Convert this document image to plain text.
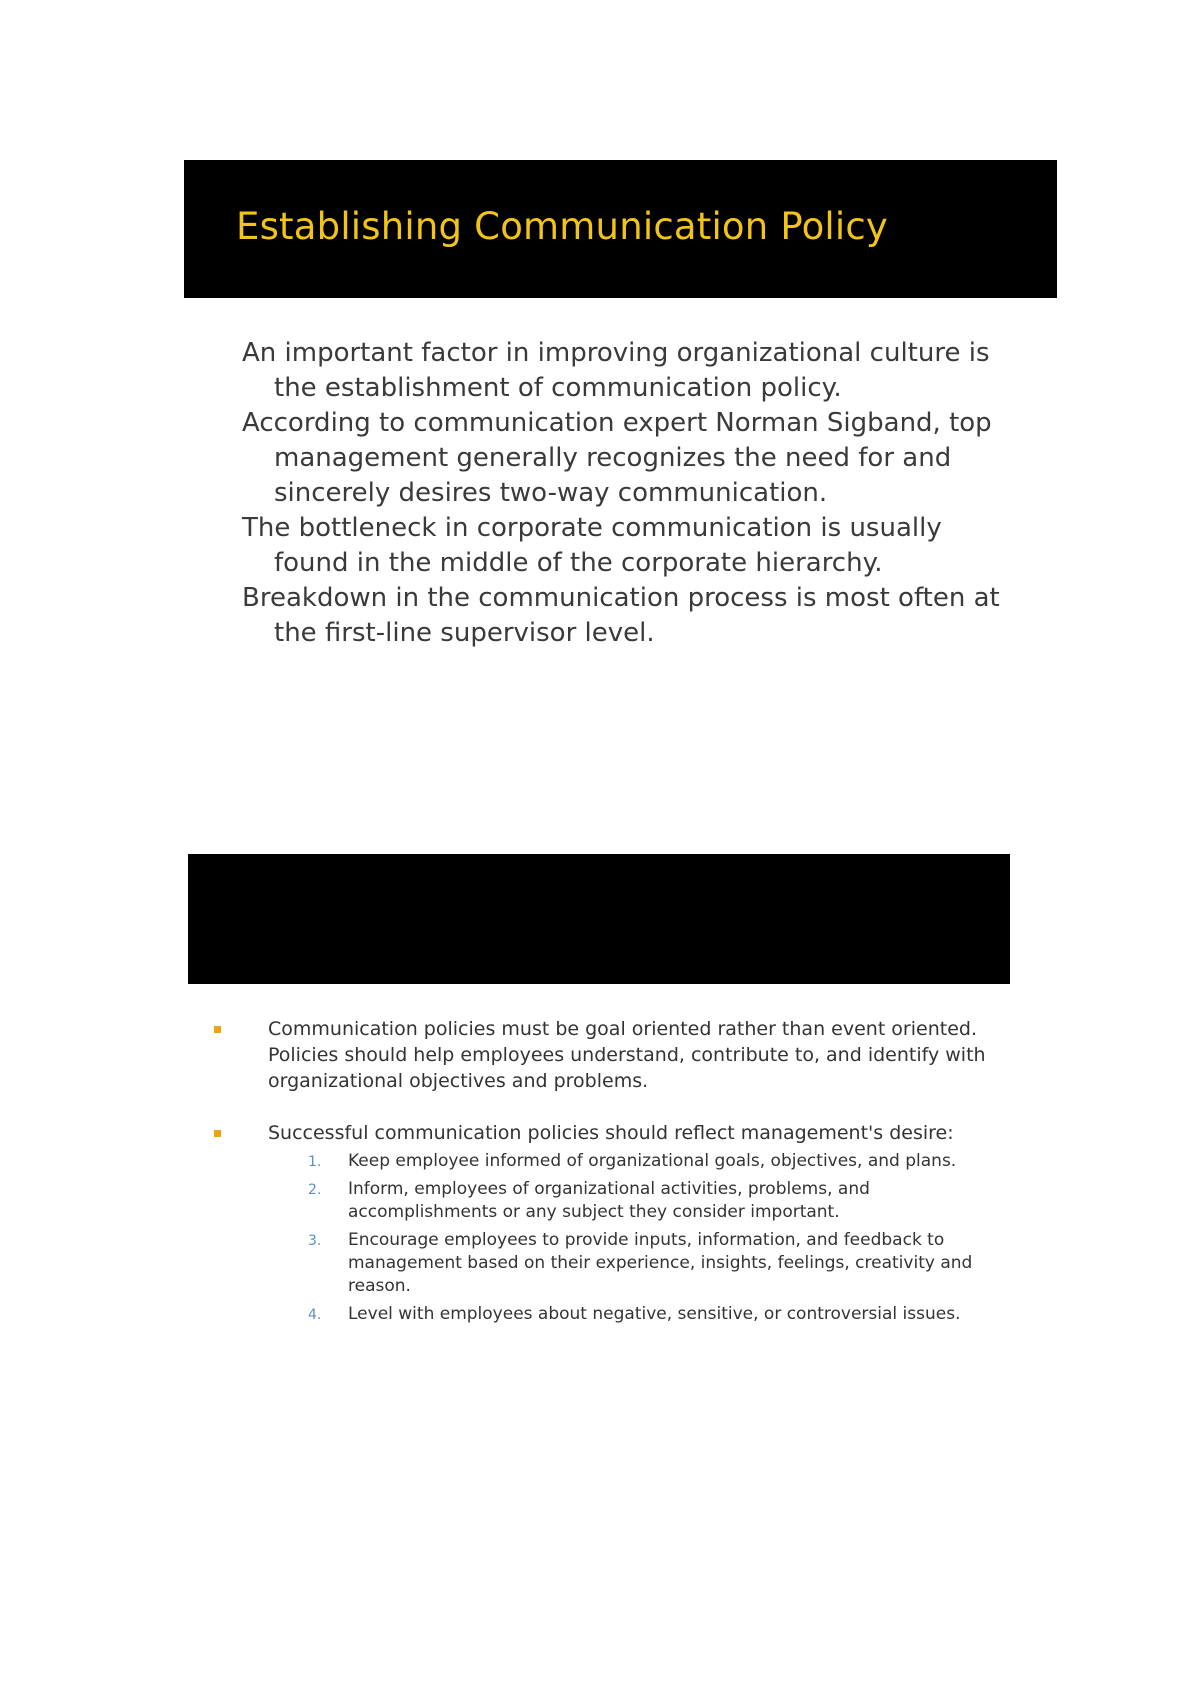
Establishing Communication Policy
An important factor in improving organizational culture is the establishment of communication policy.
According to communication expert Norman Sigband, top management generally recognizes the need for and sincerely desires two-way communication.
The bottleneck in corporate communication is usually found in the middle of the corporate hierarchy.
Breakdown in the communication process is most often at the first-line supervisor level.
Communication policies must be goal oriented rather than event oriented. Policies should help employees understand, contribute to, and identify with organizational objectives and problems.
Successful communication policies should reflect management's desire:
1. Keep employee informed of organizational goals, objectives, and plans.
2. Inform, employees of organizational activities, problems, and accomplishments or any subject they consider important.
3. Encourage employees to provide inputs, information, and feedback to management based on their experience, insights, feelings, creativity and reason.
4. Level with employees about negative, sensitive, or controversial issues.
